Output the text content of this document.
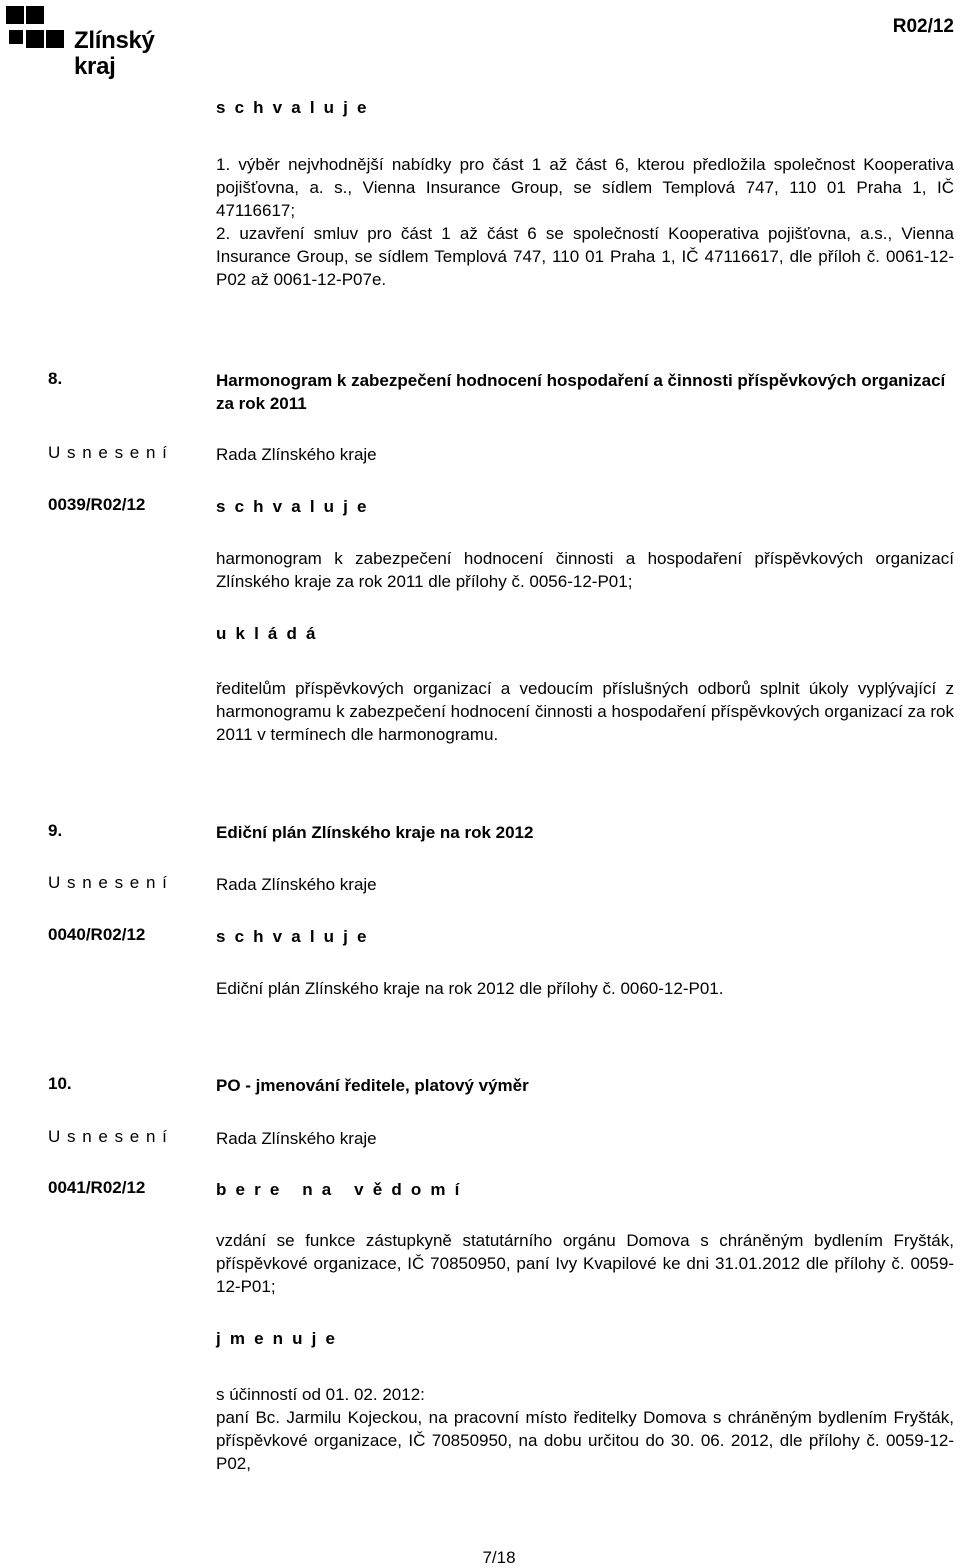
Zlínský kraj
R02/12
s c h v a l u j e

1. výběr nejvhodnější nabídky pro část 1 až část 6, kterou předložila společnost Kooperativa pojišťovna, a. s., Vienna Insurance Group, se sídlem Templová 747, 110 01 Praha 1, IČ 47116617;

2. uzavření smluv pro část 1 až část 6 se společností Kooperativa pojišťovna, a.s., Vienna Insurance Group, se sídlem Templová 747, 110 01 Praha 1, IČ 47116617, dle příloh č. 0061-12-P02 až 0061-12-P07e.

8.	Harmonogram k zabezpečení hodnocení hospodaření a činnosti příspěvkových organizací za rok 2011
U s n e s e n í	Rada Zlínského kraje
0039/R02/12	s c h v a l u j e

harmonogram k zabezpečení hodnocení činnosti a hospodaření příspěvkových organizací Zlínského kraje za rok 2011 dle přílohy č. 0056-12-P01;

u k l á d á

ředitelům příspěvkových organizací a vedoucím příslušných odborů splnit úkoly vyplývající z harmonogramu k zabezpečení hodnocení činnosti a hospodaření příspěvkových organizací za rok 2011 v termínech dle harmonogramu.

9.	Ediční plán Zlínského kraje na rok 2012
U s n e s e n í	Rada Zlínského kraje
0040/R02/12	s c h v a l u j e

Ediční plán Zlínského kraje na rok 2012 dle přílohy č. 0060-12-P01.

10.	PO - jmenování ředitele, platový výměr
U s n e s e n í	Rada Zlínského kraje
0041/R02/12	b e r e   n a   v ě d o m í

vzdání se funkce zástupkyně statutárního orgánu Domova s chráněným bydlením Fryšták, příspěvkové organizace, IČ 70850950, paní Ivy Kvapilové ke dni 31.01.2012 dle přílohy č. 0059-12-P01;

j m e n u j e

s účinností od 01. 02. 2012:

paní Bc. Jarmilu Kojeckou, na pracovní místo ředitelky Domova s chráněným bydlením Fryšták, příspěvkové organizace, IČ 70850950, na dobu určitou do 30. 06. 2012, dle přílohy č. 0059-12-P02,

7/18
